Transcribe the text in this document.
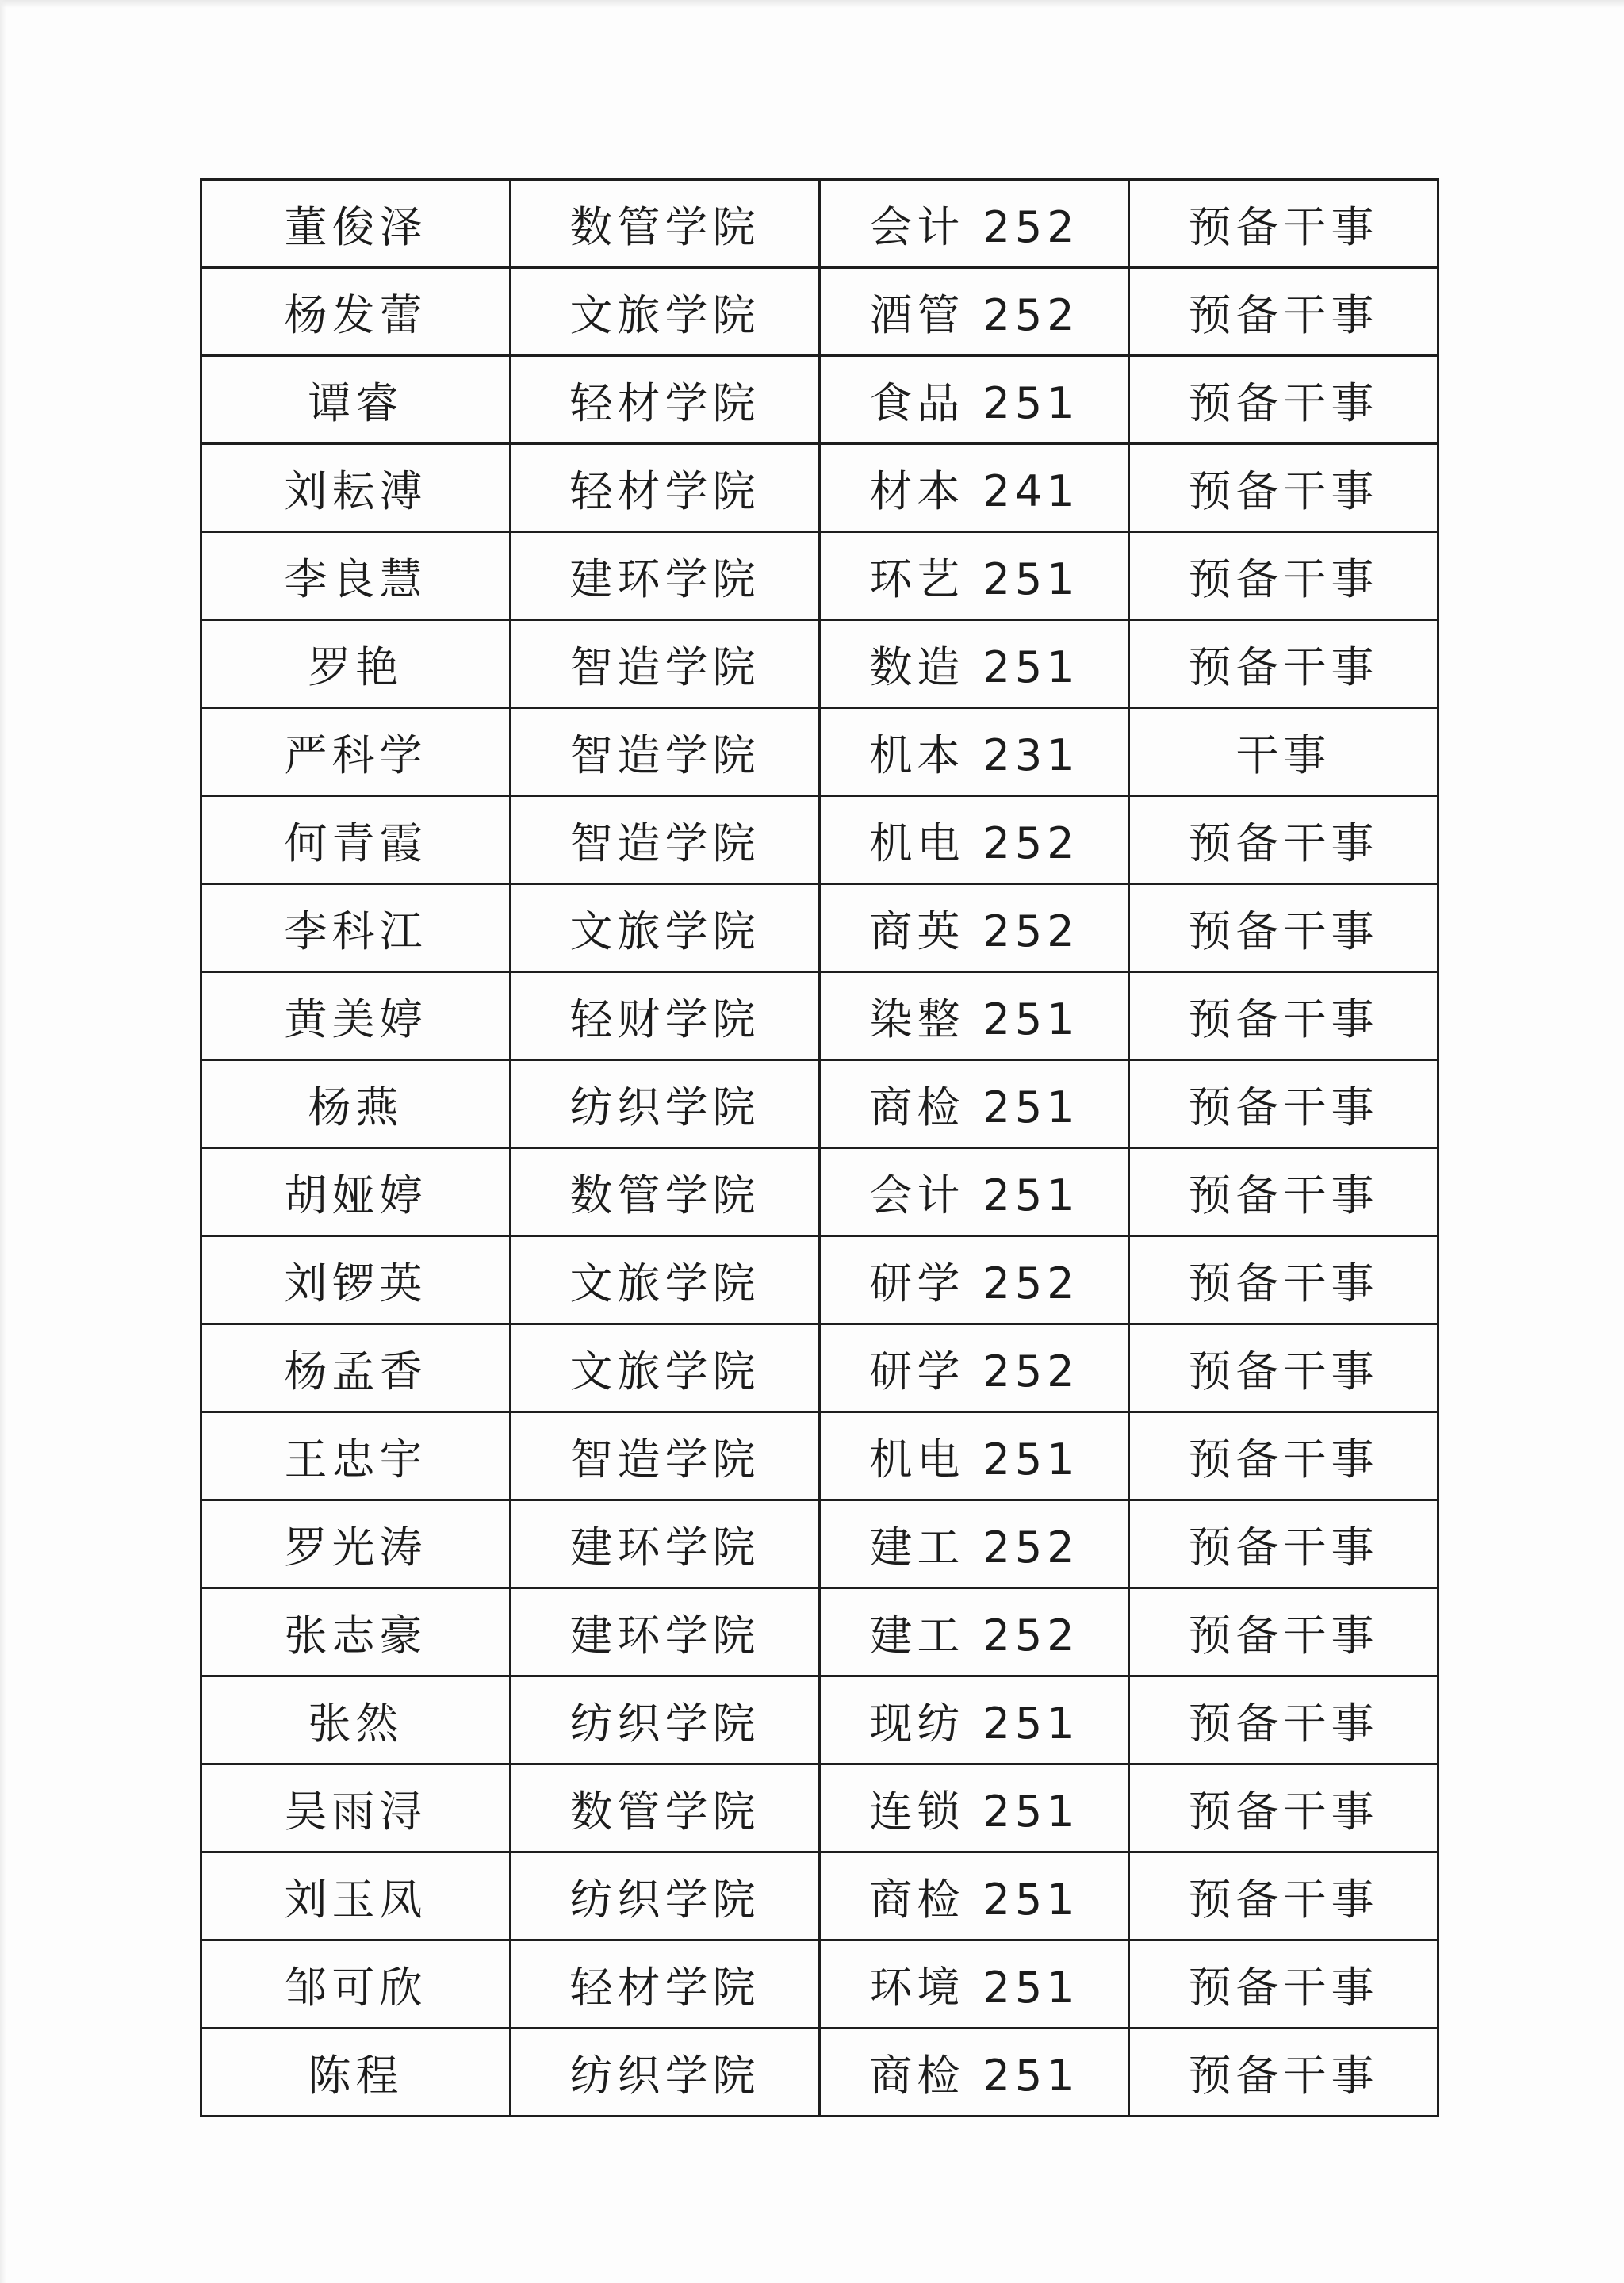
董俊泽	数管学院	会计 252	预备干事
杨发蕾	文旅学院	酒管 252	预备干事
谭睿	轻材学院	食品 251	预备干事
刘耘溥	轻材学院	材本 241	预备干事
李良慧	建环学院	环艺 251	预备干事
罗艳	智造学院	数造 251	预备干事
严科学	智造学院	机本 231	干事
何青霞	智造学院	机电 252	预备干事
李科江	文旅学院	商英 252	预备干事
黄美婷	轻财学院	染整 251	预备干事
杨燕	纺织学院	商检 251	预备干事
胡娅婷	数管学院	会计 251	预备干事
刘锣英	文旅学院	研学 252	预备干事
杨孟香	文旅学院	研学 252	预备干事
王忠宇	智造学院	机电 251	预备干事
罗光涛	建环学院	建工 252	预备干事
张志豪	建环学院	建工 252	预备干事
张然	纺织学院	现纺 251	预备干事
吴雨浔	数管学院	连锁 251	预备干事
刘玉凤	纺织学院	商检 251	预备干事
邹可欣	轻材学院	环境 251	预备干事
陈程	纺织学院	商检 251	预备干事
